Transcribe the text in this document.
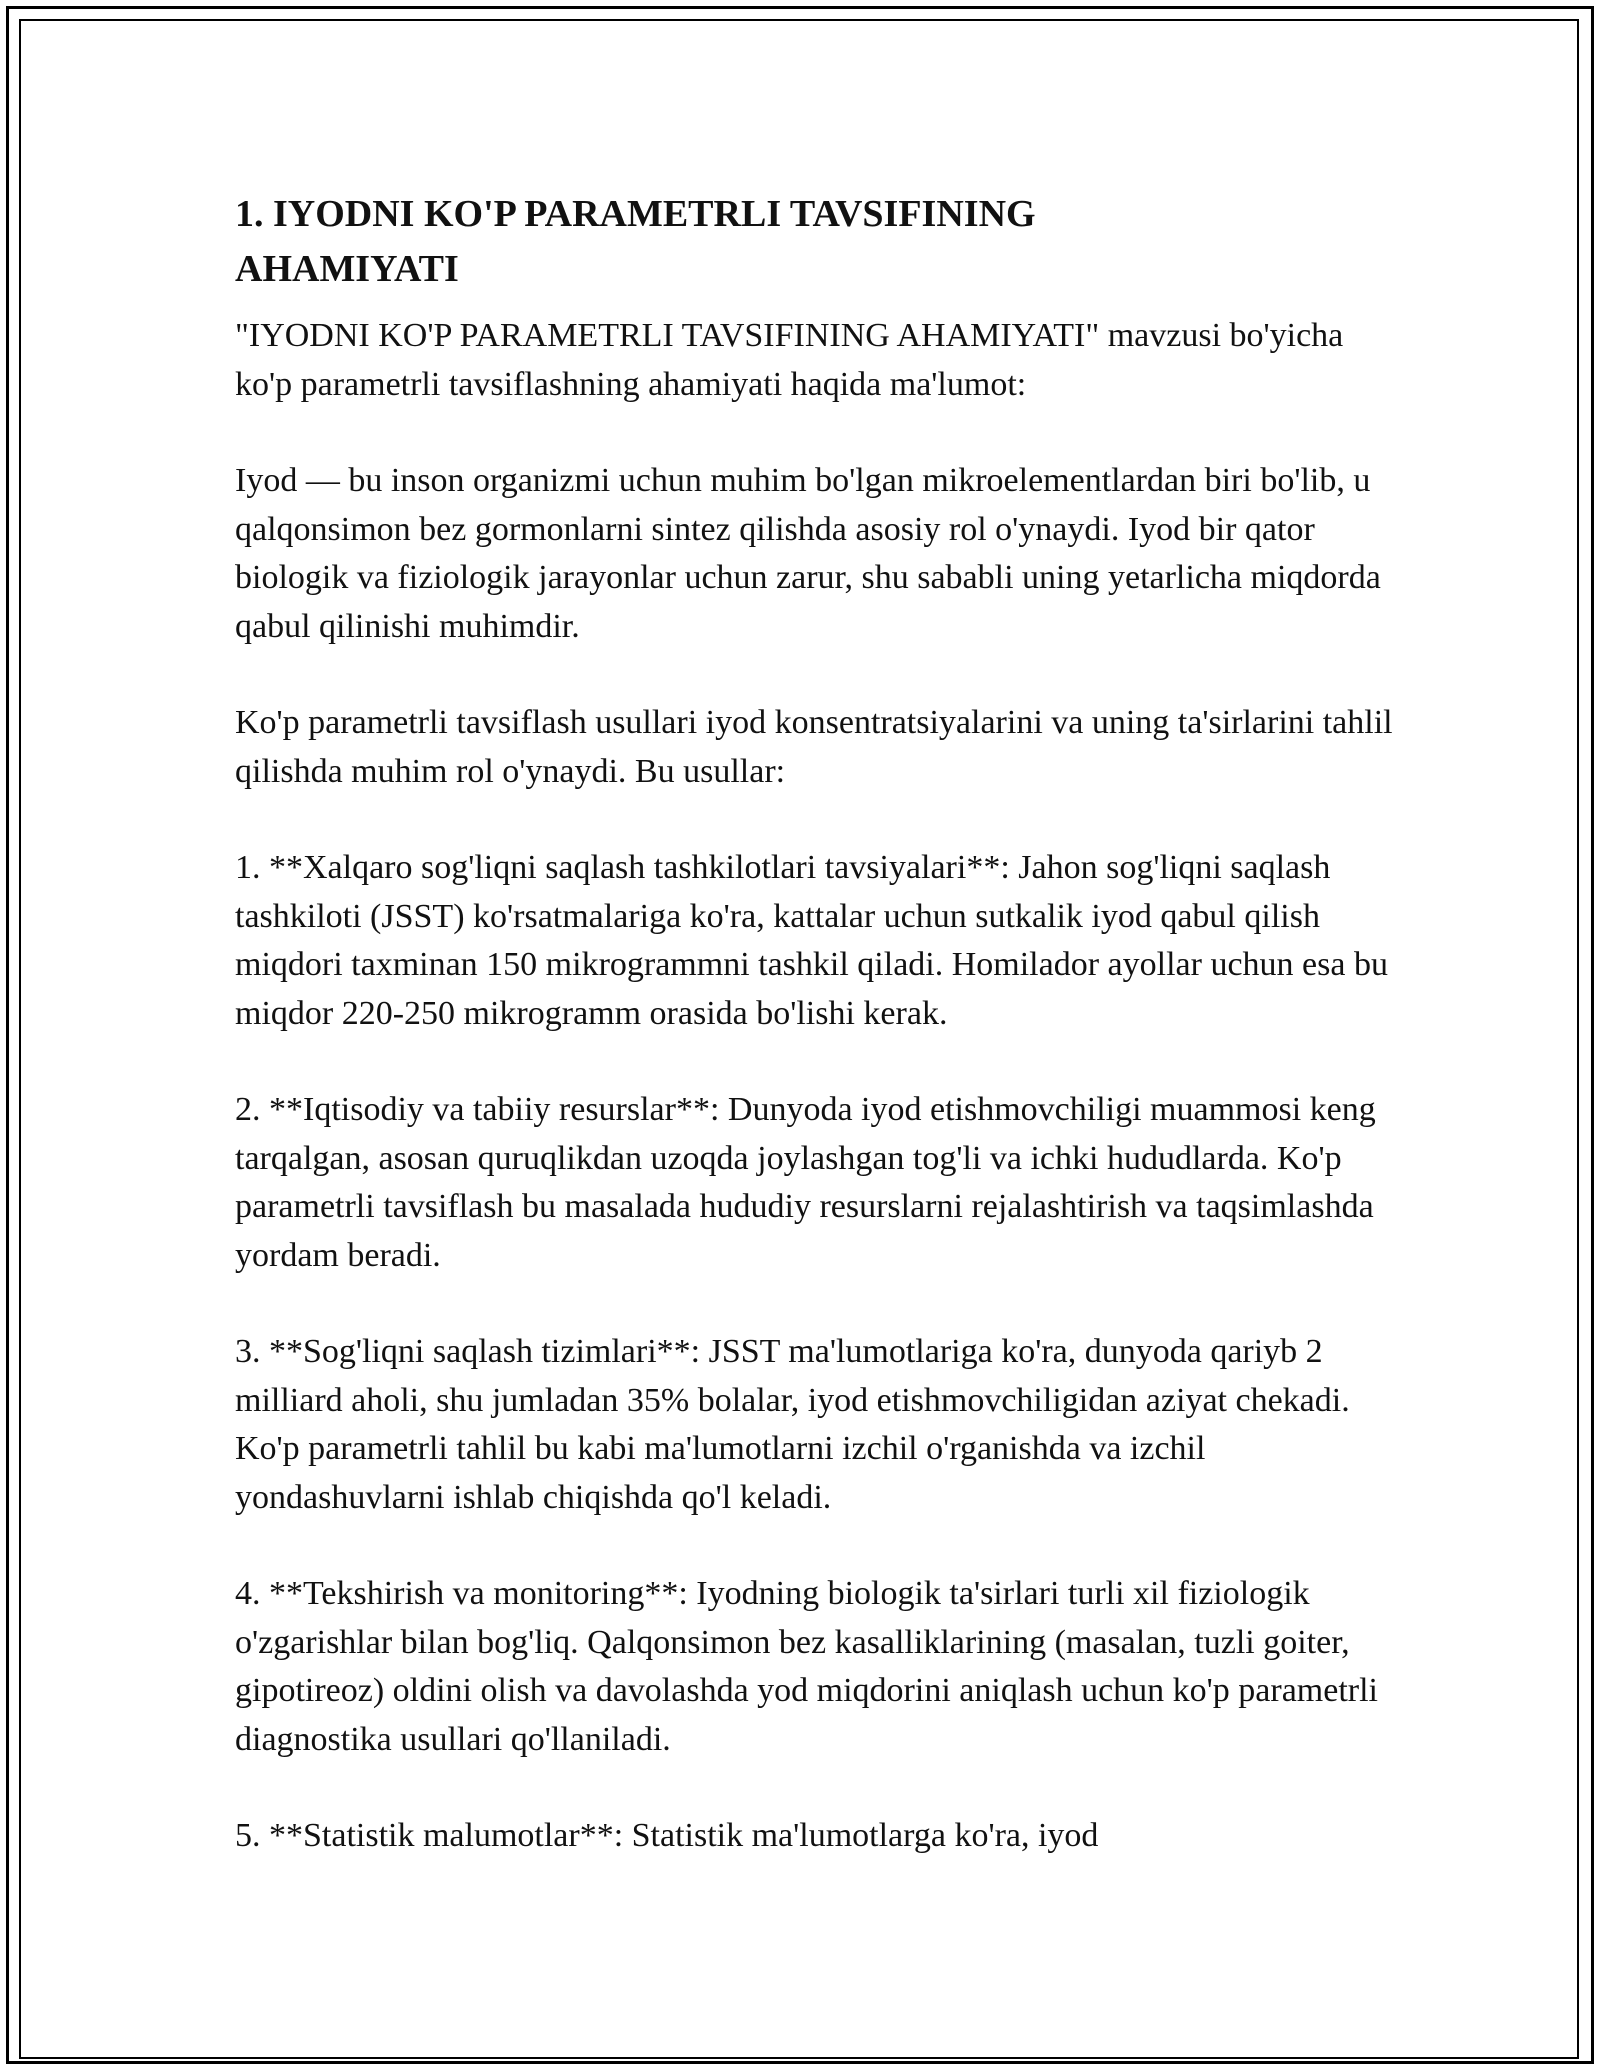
1. IYODNI KO'P PARAMETRLI TAVSIFINING
AHAMIYATI

"IYODNI KO'P PARAMETRLI TAVSIFINING AHAMIYATI" mavzusi bo'yicha ko'p parametrli tavsiflashning ahamiyati haqida ma'lumot:

Iyod — bu inson organizmi uchun muhim bo'lgan mikroelementlardan biri bo'lib, u qalqonsimon bez gormonlarni sintez qilishda asosiy rol o'ynaydi. Iyod bir qator biologik va fiziologik jarayonlar uchun zarur, shu sababli uning yetarlicha miqdorda qabul qilinishi muhimdir.

Ko'p parametrli tavsiflash usullari iyod konsentratsiyalarini va uning ta'sirlarini tahlil qilishda muhim rol o'ynaydi. Bu usullar:

1. **Xalqaro sog'liqni saqlash tashkilotlari tavsiyalari**: Jahon sog'liqni saqlash tashkiloti (JSST) ko'rsatmalariga ko'ra, kattalar uchun sutkalik iyod qabul qilish miqdori taxminan 150 mikrogrammni tashkil qiladi. Homilador ayollar uchun esa bu miqdor 220-250 mikrogramm orasida bo'lishi kerak.

2. **Iqtisodiy va tabiiy resurslar**: Dunyoda iyod etishmovchiligi muammosi keng tarqalgan, asosan quruqlikdan uzoqda joylashgan tog'li va ichki hududlarda. Ko'p parametrli tavsiflash bu masalada hududiy resurslarni rejalashtirish va taqsimlashda yordam beradi.

3. **Sog'liqni saqlash tizimlari**: JSST ma'lumotlariga ko'ra, dunyoda qariyb 2 milliard aholi, shu jumladan 35% bolalar, iyod etishmovchiligidan aziyat chekadi. Ko'p parametrli tahlil bu kabi ma'lumotlarni izchil o'rganishda va izchil yondashuvlarni ishlab chiqishda qo'l keladi.

4. **Tekshirish va monitoring**: Iyodning biologik ta'sirlari turli xil fiziologik o'zgarishlar bilan bog'liq. Qalqonsimon bez kasalliklarining (masalan, tuzli goiter, gipotireoz) oldini olish va davolashda yod miqdorini aniqlash uchun ko'p parametrli diagnostika usullari qo'llaniladi.

5. **Statistik malumotlar**: Statistik ma'lumotlarga ko'ra, iyod
